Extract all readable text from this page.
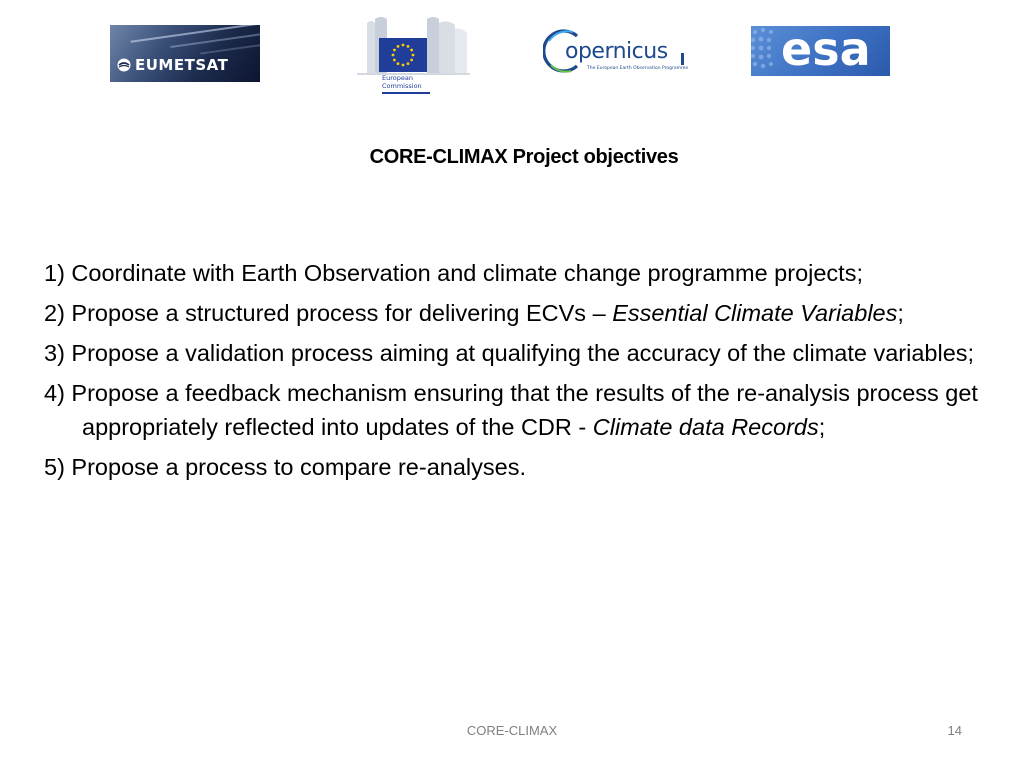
EUMETSAT
European
Commission
opernicus
The European Earth Observation Programme esa
CORE-CLIMAX Project objectives
1) Coordinate with Earth Observation and climate change programme projects;
2) Propose a structured process for delivering ECVs – Essential Climate Variables;
3) Propose a validation process aiming at qualifying the accuracy of the climate variables;
4) Propose a feedback mechanism ensuring that the results of the re-analysis process get appropriately reflected into updates of the CDR - Climate data Records;
5) Propose a process to compare re-analyses.
CORE-CLIMAX	14
